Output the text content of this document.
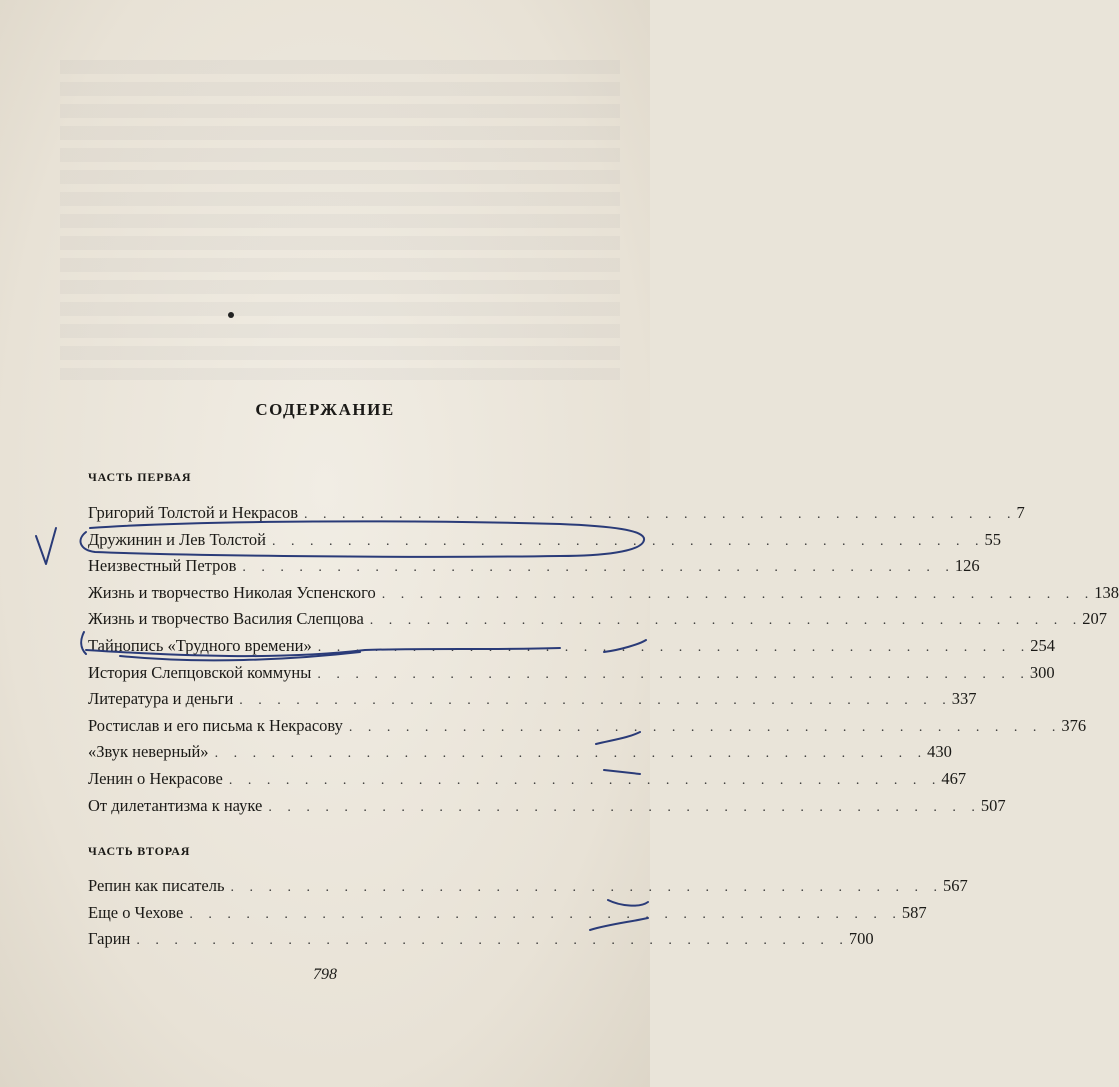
СОДЕРЖАНИЕ
ЧАСТЬ ПЕРВАЯ
Григорий Толстой и Некрасов . . . . . . . . . . . . . . . . . . . . . . . . . . . . . . . . . . . . . . 7
Дружинин и Лев Толстой . . . . . . . . . . . . . . . . . . . . . . . . . . . . . . . . . . . . . . 55
Неизвестный Петров . . . . . . . . . . . . . . . . . . . . . . . . . . . . . . . . . . . . . . 126
Жизнь и творчество Николая Успенского . . . . . . . . . . . . . . . . . . . . . . . . . . . . . . . . . . . . . . 138
Жизнь и творчество Василия Слепцова . . . . . . . . . . . . . . . . . . . . . . . . . . . . . . . . . . . . . . 207
Тайнопись «Трудного времени» . . . . . . . . . . . . . . . . . . . . . . . . . . . . . . . . . . . . . . 254
История Слепцовской коммуны . . . . . . . . . . . . . . . . . . . . . . . . . . . . . . . . . . . . . . 300
Литература и деньги . . . . . . . . . . . . . . . . . . . . . . . . . . . . . . . . . . . . . . 337
Ростислав и его письма к Некрасову . . . . . . . . . . . . . . . . . . . . . . . . . . . . . . . . . . . . . . 376
«Звук неверный» . . . . . . . . . . . . . . . . . . . . . . . . . . . . . . . . . . . . . . 430
Ленин о Некрасове . . . . . . . . . . . . . . . . . . . . . . . . . . . . . . . . . . . . . . 467
От дилетантизма к науке . . . . . . . . . . . . . . . . . . . . . . . . . . . . . . . . . . . . . . 507
ЧАСТЬ ВТОРАЯ
Репин как писатель . . . . . . . . . . . . . . . . . . . . . . . . . . . . . . . . . . . . . . 567
Еще о Чехове . . . . . . . . . . . . . . . . . . . . . . . . . . . . . . . . . . . . . . 587
Гарин . . . . . . . . . . . . . . . . . . . . . . . . . . . . . . . . . . . . . . 700
798
